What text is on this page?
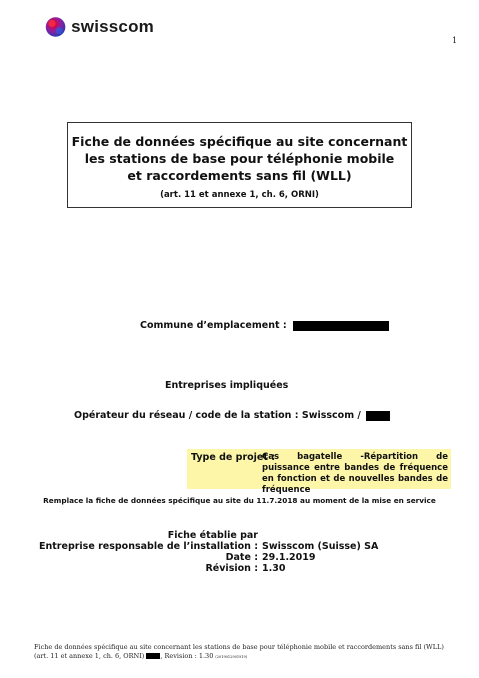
swisscom
1
Fiche de données spécifique au site concernant
les stations de base pour téléphonie mobile
et raccordements sans fil (WLL)
(art. 11 et annexe 1, ch. 6, ORNI)
Commune d’emplacement :
Entreprises impliquées
Opérateur du réseau / code de la station : Swisscom /
Type de projet :
Cas bagatelle -Répartition de puissance entre bandes de fréquence en fonction et de nouvelles bandes de fréquence
Remplace la fiche de données spécifique au site du 11.7.2018 au moment de la mise en service
Fiche établie par
Entreprise responsable de l’installation : Swisscom (Suisse) SA
Date : 29.1.2019
Révision : 1.30
Fiche de données spécifique au site concernant les stations de base pour téléphonie mobile et raccordements sans fil (WLL) (art. 11 et annexe 1, ch. 6, ORNI) , Revision : 1.30 (2019012901919)
